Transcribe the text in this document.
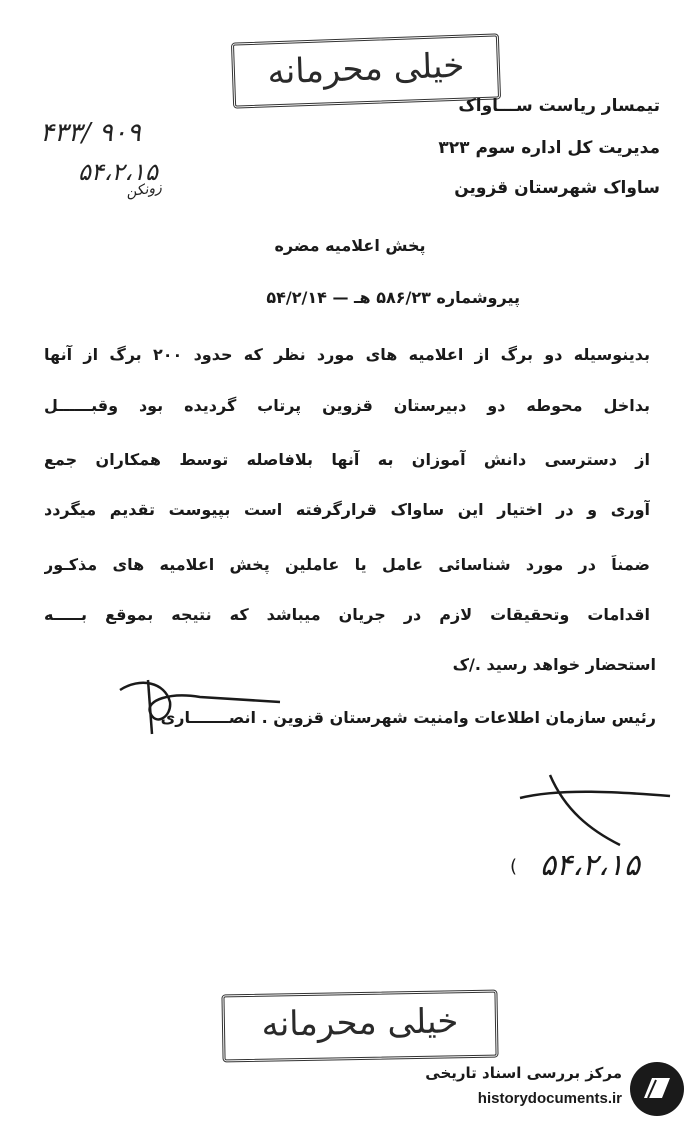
خیلی محرمانه
تیمسار ریاست ســـاواک
مدیریت کل اداره سوم ۳۲۳
ساواک شهرستان قزوین
۴۳۳/ ۹۰۹
۵۴،۲،۱۵
زونکن
پخش اعلامیه مضره
پیروشماره ۵۸۶/۲۳ هـ — ۵۴/۲/۱۴
بدینوسیله دو برگ از اعلامیه های مورد نظر که حدود ۲۰۰ برگ از آنها
بداخل محوطه دو دبیرستان قزوین پرتاب گردیده بود وقبــــــل
از دسترسی دانش آموزان به آنها بلافاصله توسط همکاران جمع
آوری و در اختیار این ساواک قرارگرفته است بپیوست تقدیم میگردد
ضمناً در مورد شناسائی عامل یا عاملین پخش اعلامیه های مذکـور
اقدامات وتحقیقات لازم در جریان میباشد که نتیجه بموقع بـــــه
استحضار خواهد رسید ./ک
رئیس سازمان اطلاعات وامنیت شهرستان قزوین . انصـــــــاری
( ۵۴،۲،۱۵
خیلی محرمانه
مرکز بررسی اسناد تاریخی
historydocuments.ir
